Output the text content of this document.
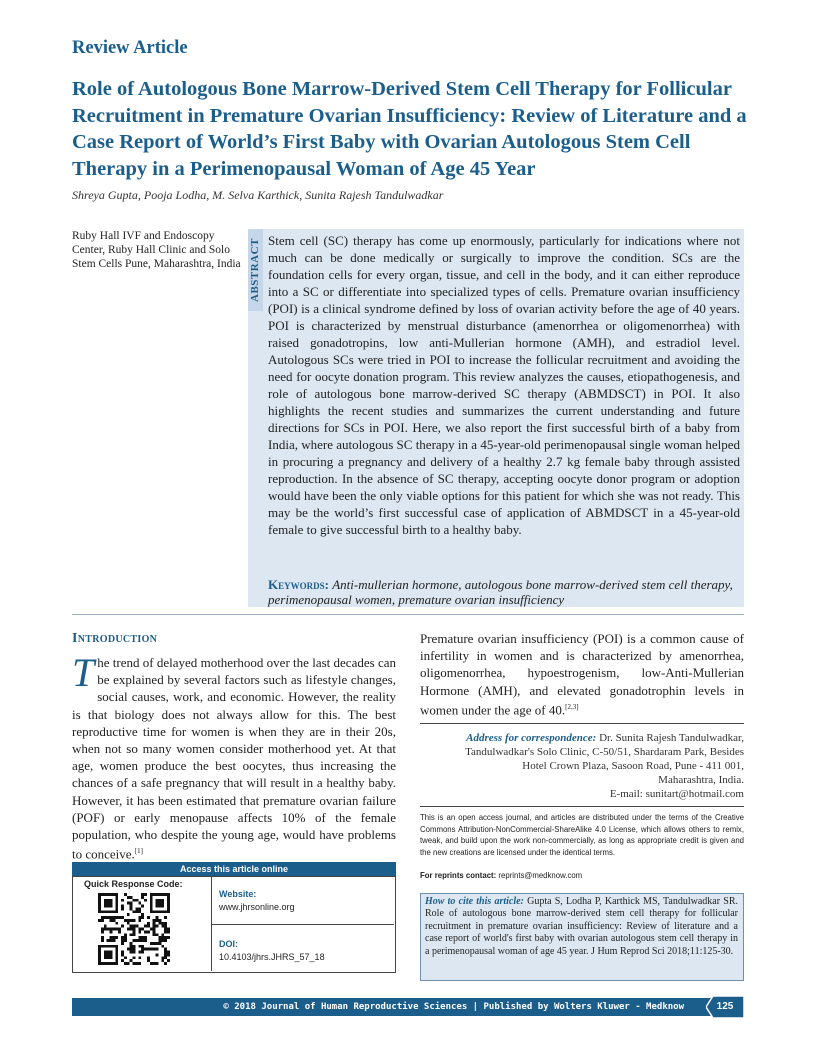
Review Article
Role of Autologous Bone Marrow-Derived Stem Cell Therapy for Follicular Recruitment in Premature Ovarian Insufficiency: Review of Literature and a Case Report of World’s First Baby with Ovarian Autologous Stem Cell Therapy in a Perimenopausal Woman of Age 45 Year
Shreya Gupta, Pooja Lodha, M. Selva Karthick, Sunita Rajesh Tandulwadkar
Ruby Hall IVF and Endoscopy Center, Ruby Hall Clinic and Solo Stem Cells Pune, Maharashtra, India ABSTRACT Stem cell (SC) therapy has come up enormously, particularly for indications where not much can be done medically or surgically to improve the condition. SCs are the foundation cells for every organ, tissue, and cell in the body, and it can either reproduce into a SC or differentiate into specialized types of cells. Premature ovarian insufficiency (POI) is a clinical syndrome defined by loss of ovarian activity before the age of 40 years. POI is characterized by menstrual disturbance (amenorrhea or oligomenorrhea) with raised gonadotropins, low anti-Mullerian hormone (AMH), and estradiol level. Autologous SCs were tried in POI to increase the follicular recruitment and avoiding the need for oocyte donation program. This review analyzes the causes, etiopathogenesis, and role of autologous bone marrow-derived SC therapy (ABMDSCT) in POI. It also highlights the recent studies and summarizes the current understanding and future directions for SCs in POI. Here, we also report the first successful birth of a baby from India, where autologous SC therapy in a 45-year-old perimenopausal single woman helped in procuring a pregnancy and delivery of a healthy 2.7 kg female baby through assisted reproduction. In the absence of SC therapy, accepting oocyte donor program or adoption would have been the only viable options for this patient for which she was not ready. This may be the world’s first successful case of application of ABMDSCT in a 45-year-old female to give successful birth to a healthy baby.
Keywords: Anti-mullerian hormone, autologous bone marrow-derived stem cell therapy, perimenopausal women, premature ovarian insufficiency
Introduction
The trend of delayed motherhood over the last decades can be explained by several factors such as lifestyle changes, social causes, work, and economic. However, the reality is that biology does not always allow for this. The best reproductive time for women is when they are in their 20s, when not so many women consider motherhood yet. At that age, women produce the best oocytes, thus increasing the chances of a safe pregnancy that will result in a healthy baby. However, it has been estimated that premature ovarian failure (POF) or early menopause affects 10% of the female population, who despite the young age, would have problems to conceive.[1]
Premature ovarian insufficiency (POI) is a common cause of infertility in women and is characterized by amenorrhea, oligomenorrhea, hypoestrogenism, low-Anti-Mullerian Hormone (AMH), and elevated gonadotrophin levels in women under the age of 40.[2,3]
Address for correspondence: Dr. Sunita Rajesh Tandulwadkar,
Tandulwadkar's Solo Clinic, C-50/51, Shardaram Park, Besides
Hotel Crown Plaza, Sasoon Road, Pune - 411 001,
Maharashtra, India.
E-mail: sunitart@hotmail.com
This is an open access journal, and articles are distributed under the terms of the Creative Commons Attribution-NonCommercial-ShareAlike 4.0 License, which allows others to remix, tweak, and build upon the work non-commercially, as long as appropriate credit is given and the new creations are licensed under the identical terms.
For reprints contact: reprints@medknow.com
How to cite this article: Gupta S, Lodha P, Karthick MS, Tandulwadkar SR. Role of autologous bone marrow-derived stem cell therapy for follicular recruitment in premature ovarian insufficiency: Review of literature and a case report of world's first baby with ovarian autologous stem cell therapy in a perimenopausal woman of age 45 year. J Hum Reprod Sci 2018;11:125-30.
Access this article online
Quick Response Code:
Website:
www.jhrsonline.org
DOI:
10.4103/jhrs.JHRS_57_18
© 2018 Journal of Human Reproductive Sciences | Published by Wolters Kluwer - Medknow	125
